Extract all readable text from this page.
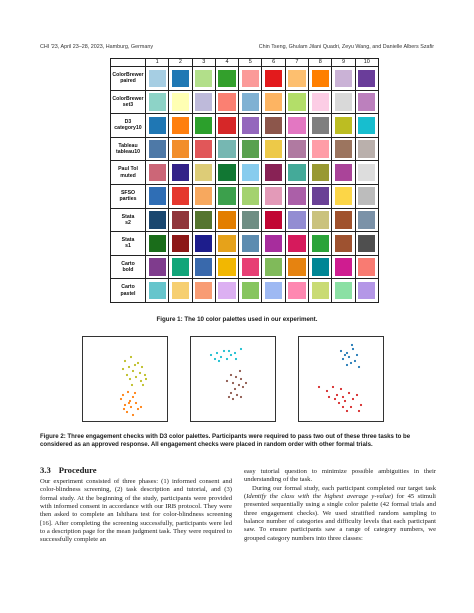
CHI '23, April 23–28, 2023, Hamburg, Germany	Chin Tseng, Ghulam Jilani Quadri, Zeyu Wang, and Danielle Albers Szafir
	1	2	3	4	5	6	7	8	9	10

ColorBrewer
paired										

ColorBrewer
set3										

D3
category10										

Tableau
tableau10										

Paul Tol
muted										

SFSO
parties										

Stata
s2										

Stata
s1										

Carto
bold										

Carto
pastel										

Figure 1: The 10 color palettes used in our experiment.
Figure 2: Three engagement checks with D3 color palettes. Participants were required to pass two out of these three tasks to be considered as an approved response. All engagement checks were placed in random order with other formal trials.
3.3 Procedure

Our experiment consisted of three phases: (1) informed consent and color-blindness screening, (2) task description and tutorial, and (3) formal study. At the beginning of the study, participants were provided with informed consent in accordance with our IRB protocol. They were then asked to complete an Ishihara test for color-blindness screening [16]. After completing the screening successfully, participants were led to a description page for the mean judgment task. They were required to successfully complete an

easy tutorial question to minimize possible ambiguities in their understanding of the task.

During our formal study, each participant completed our target task (Identify the class with the highest average y-value) for 45 stimuli presented sequentially using a single color palette (42 formal trials and three engagement checks). We used stratified random sampling to balance number of categories and difficulty levels that each participant saw. To ensure participants saw a range of category numbers, we grouped category numbers into three classes:
